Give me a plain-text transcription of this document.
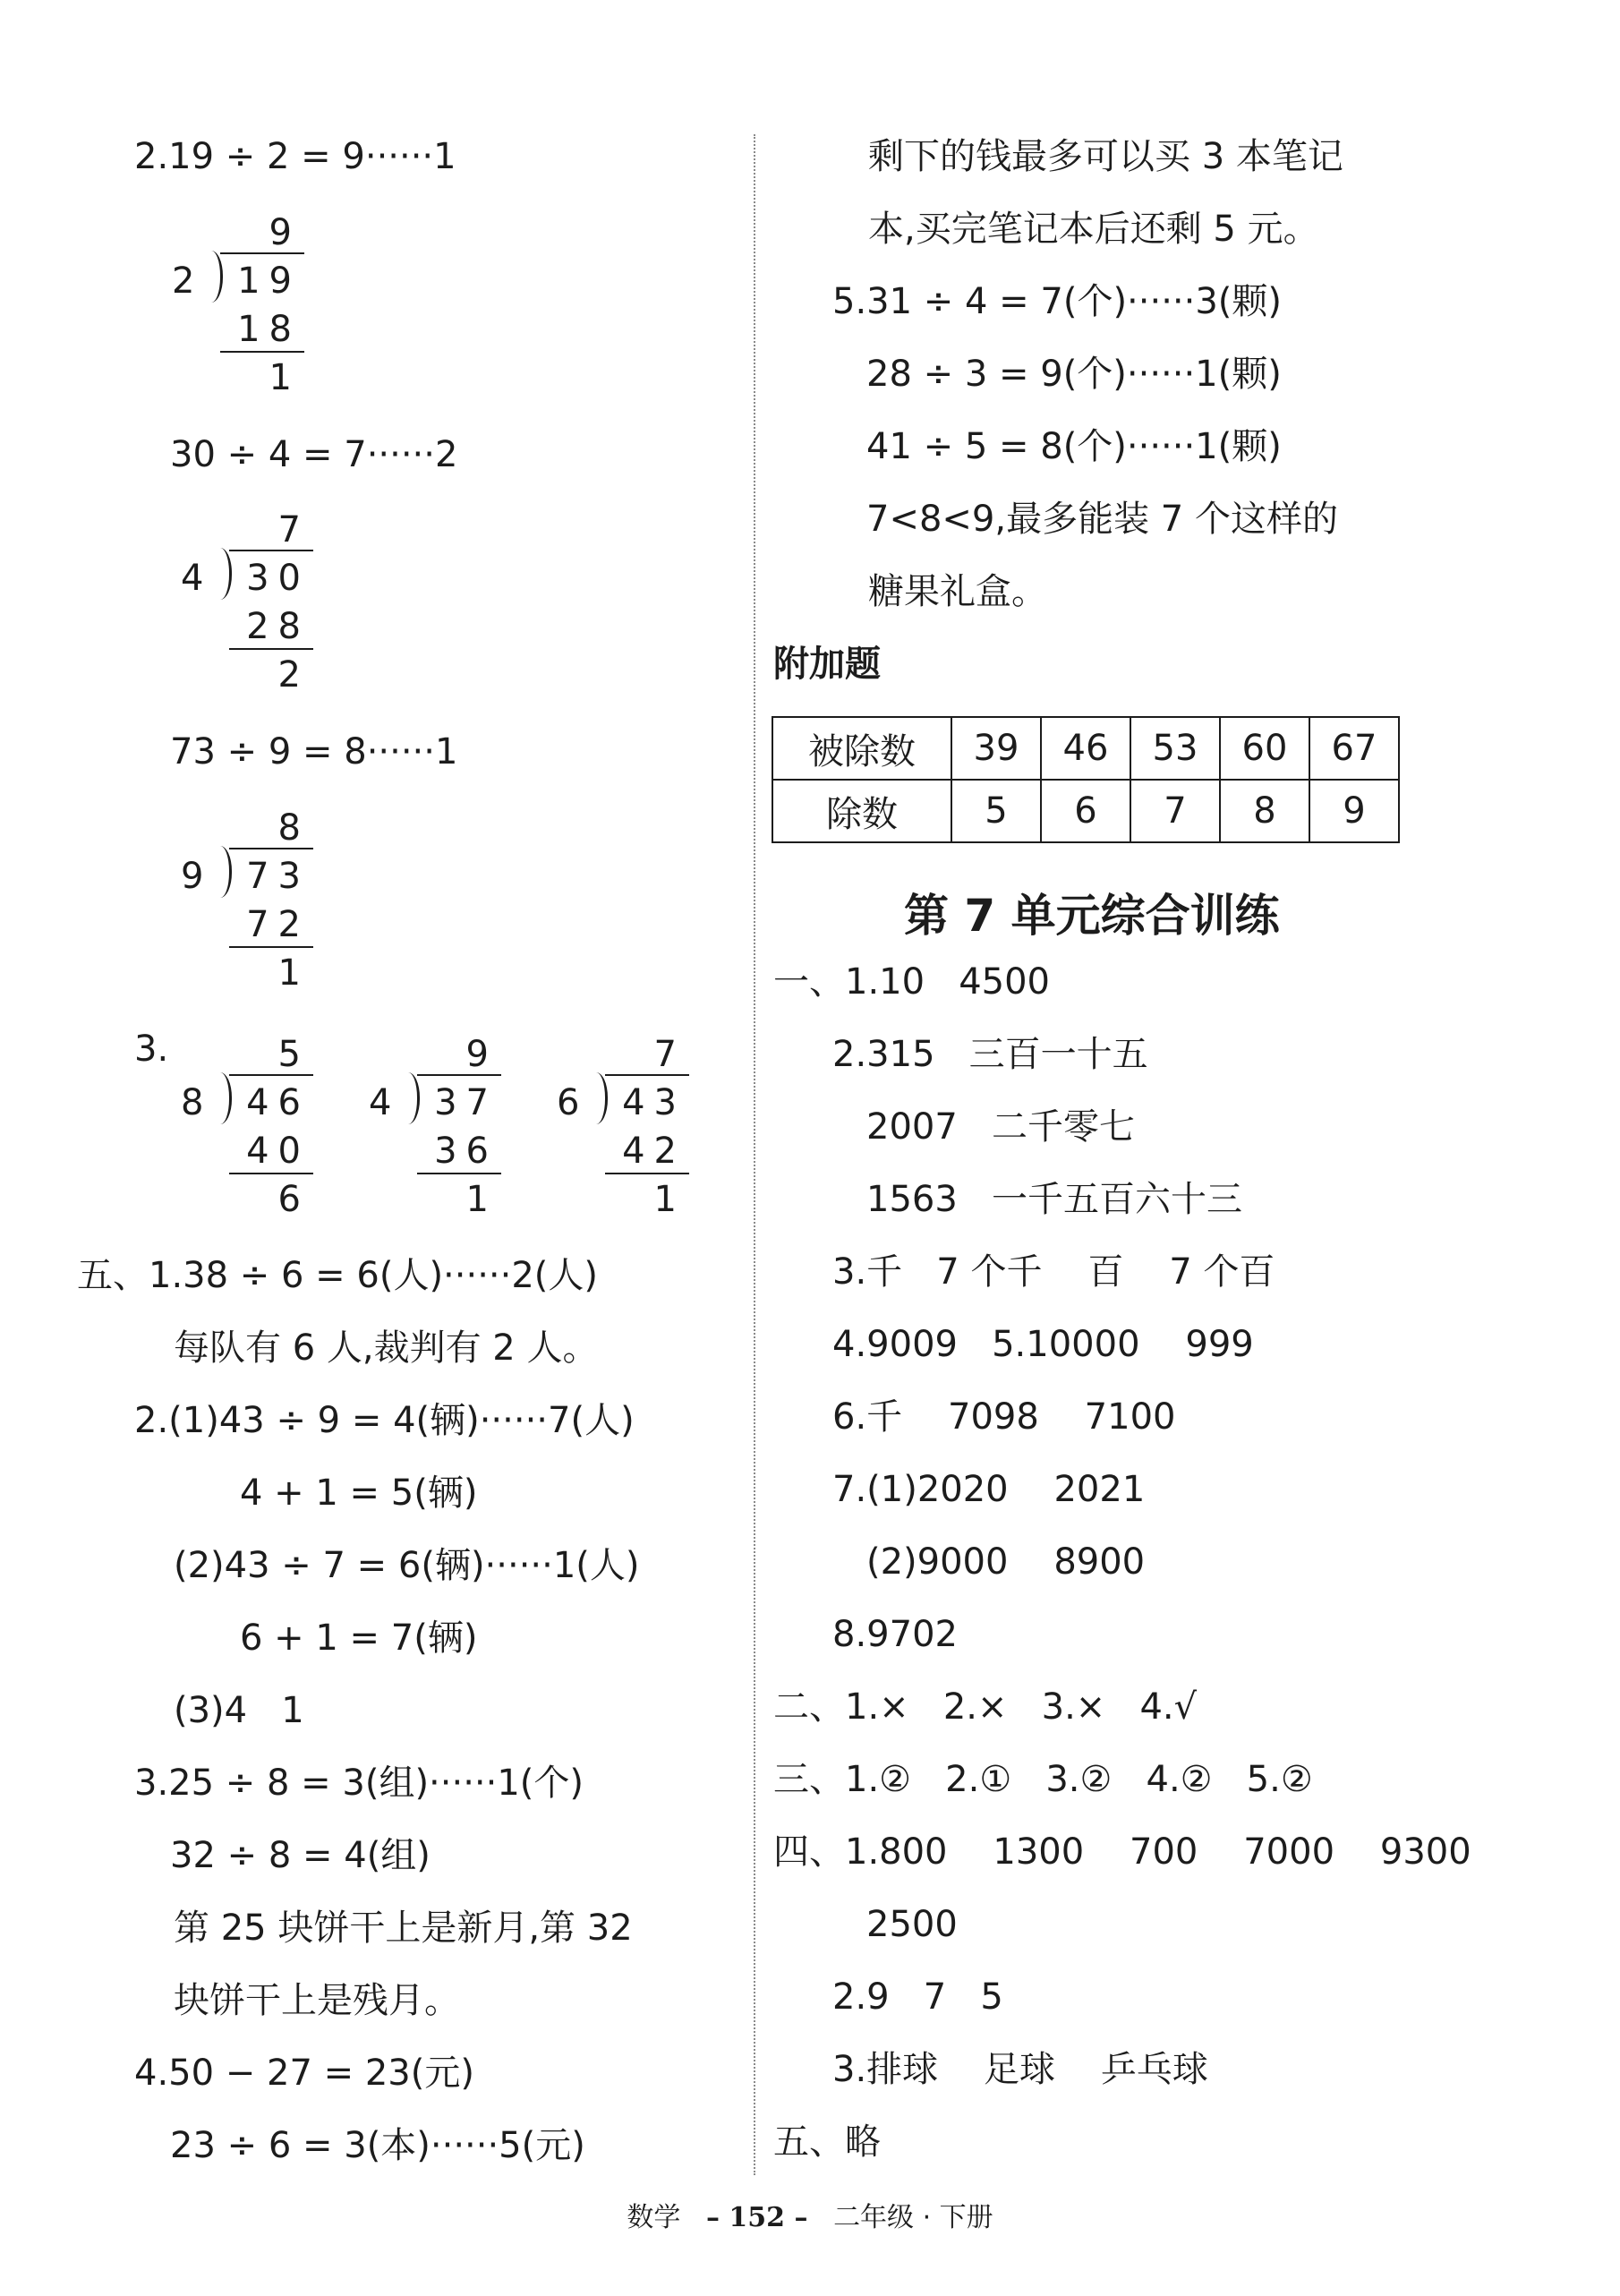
2.19 ÷ 2 = 9······1
9
2 19
18
1
30 ÷ 4 = 7······2
7
4 30
28
2
73 ÷ 9 = 8······1
8
9 73
72
1
3.	5
8 46
40
6
9
4 37
36
1
7
6 43
42
1
五、1.38 ÷ 6 = 6(人)······2(人)
每队有 6 人,裁判有 2 人。
2.(1)43 ÷ 9 = 4(辆)······7(人)
4 + 1 = 5(辆)
(2)43 ÷ 7 = 6(辆)······1(人)
6 + 1 = 7(辆)
(3)4   1
3.25 ÷ 8 = 3(组)······1(个)
32 ÷ 8 = 4(组)
第 25 块饼干上是新月,第 32
块饼干上是残月。
4.50 − 27 = 23(元)
23 ÷ 6 = 3(本)······5(元)
剩下的钱最多可以买 3 本笔记
本,买完笔记本后还剩 5 元。
5.31 ÷ 4 = 7(个)······3(颗)
28 ÷ 3 = 9(个)······1(颗)
41 ÷ 5 = 8(个)······1(颗)
7<8<9,最多能装 7 个这样的
糖果礼盒。
附加题
被除数	39	46	53	60	67
除数	5	6	7	8	9
第 7 单元综合训练
一、1.10   4500
2.315   三百一十五
2007   二千零七
1563   一千五百六十三
3.千   7 个千    百    7 个百
4.9009   5.10000    999
6.千    7098    7100
7.(1)2020    2021
(2)9000    8900
8.9702
二、1.×   2.×   3.×   4.√
三、1.②   2.①   3.②   4.②   5.②
四、1.800    1300    700    7000    9300
2500
2.9   7   5
3.排球    足球    乒乓球
五、略
数学 – 152 – 二年级 · 下册
